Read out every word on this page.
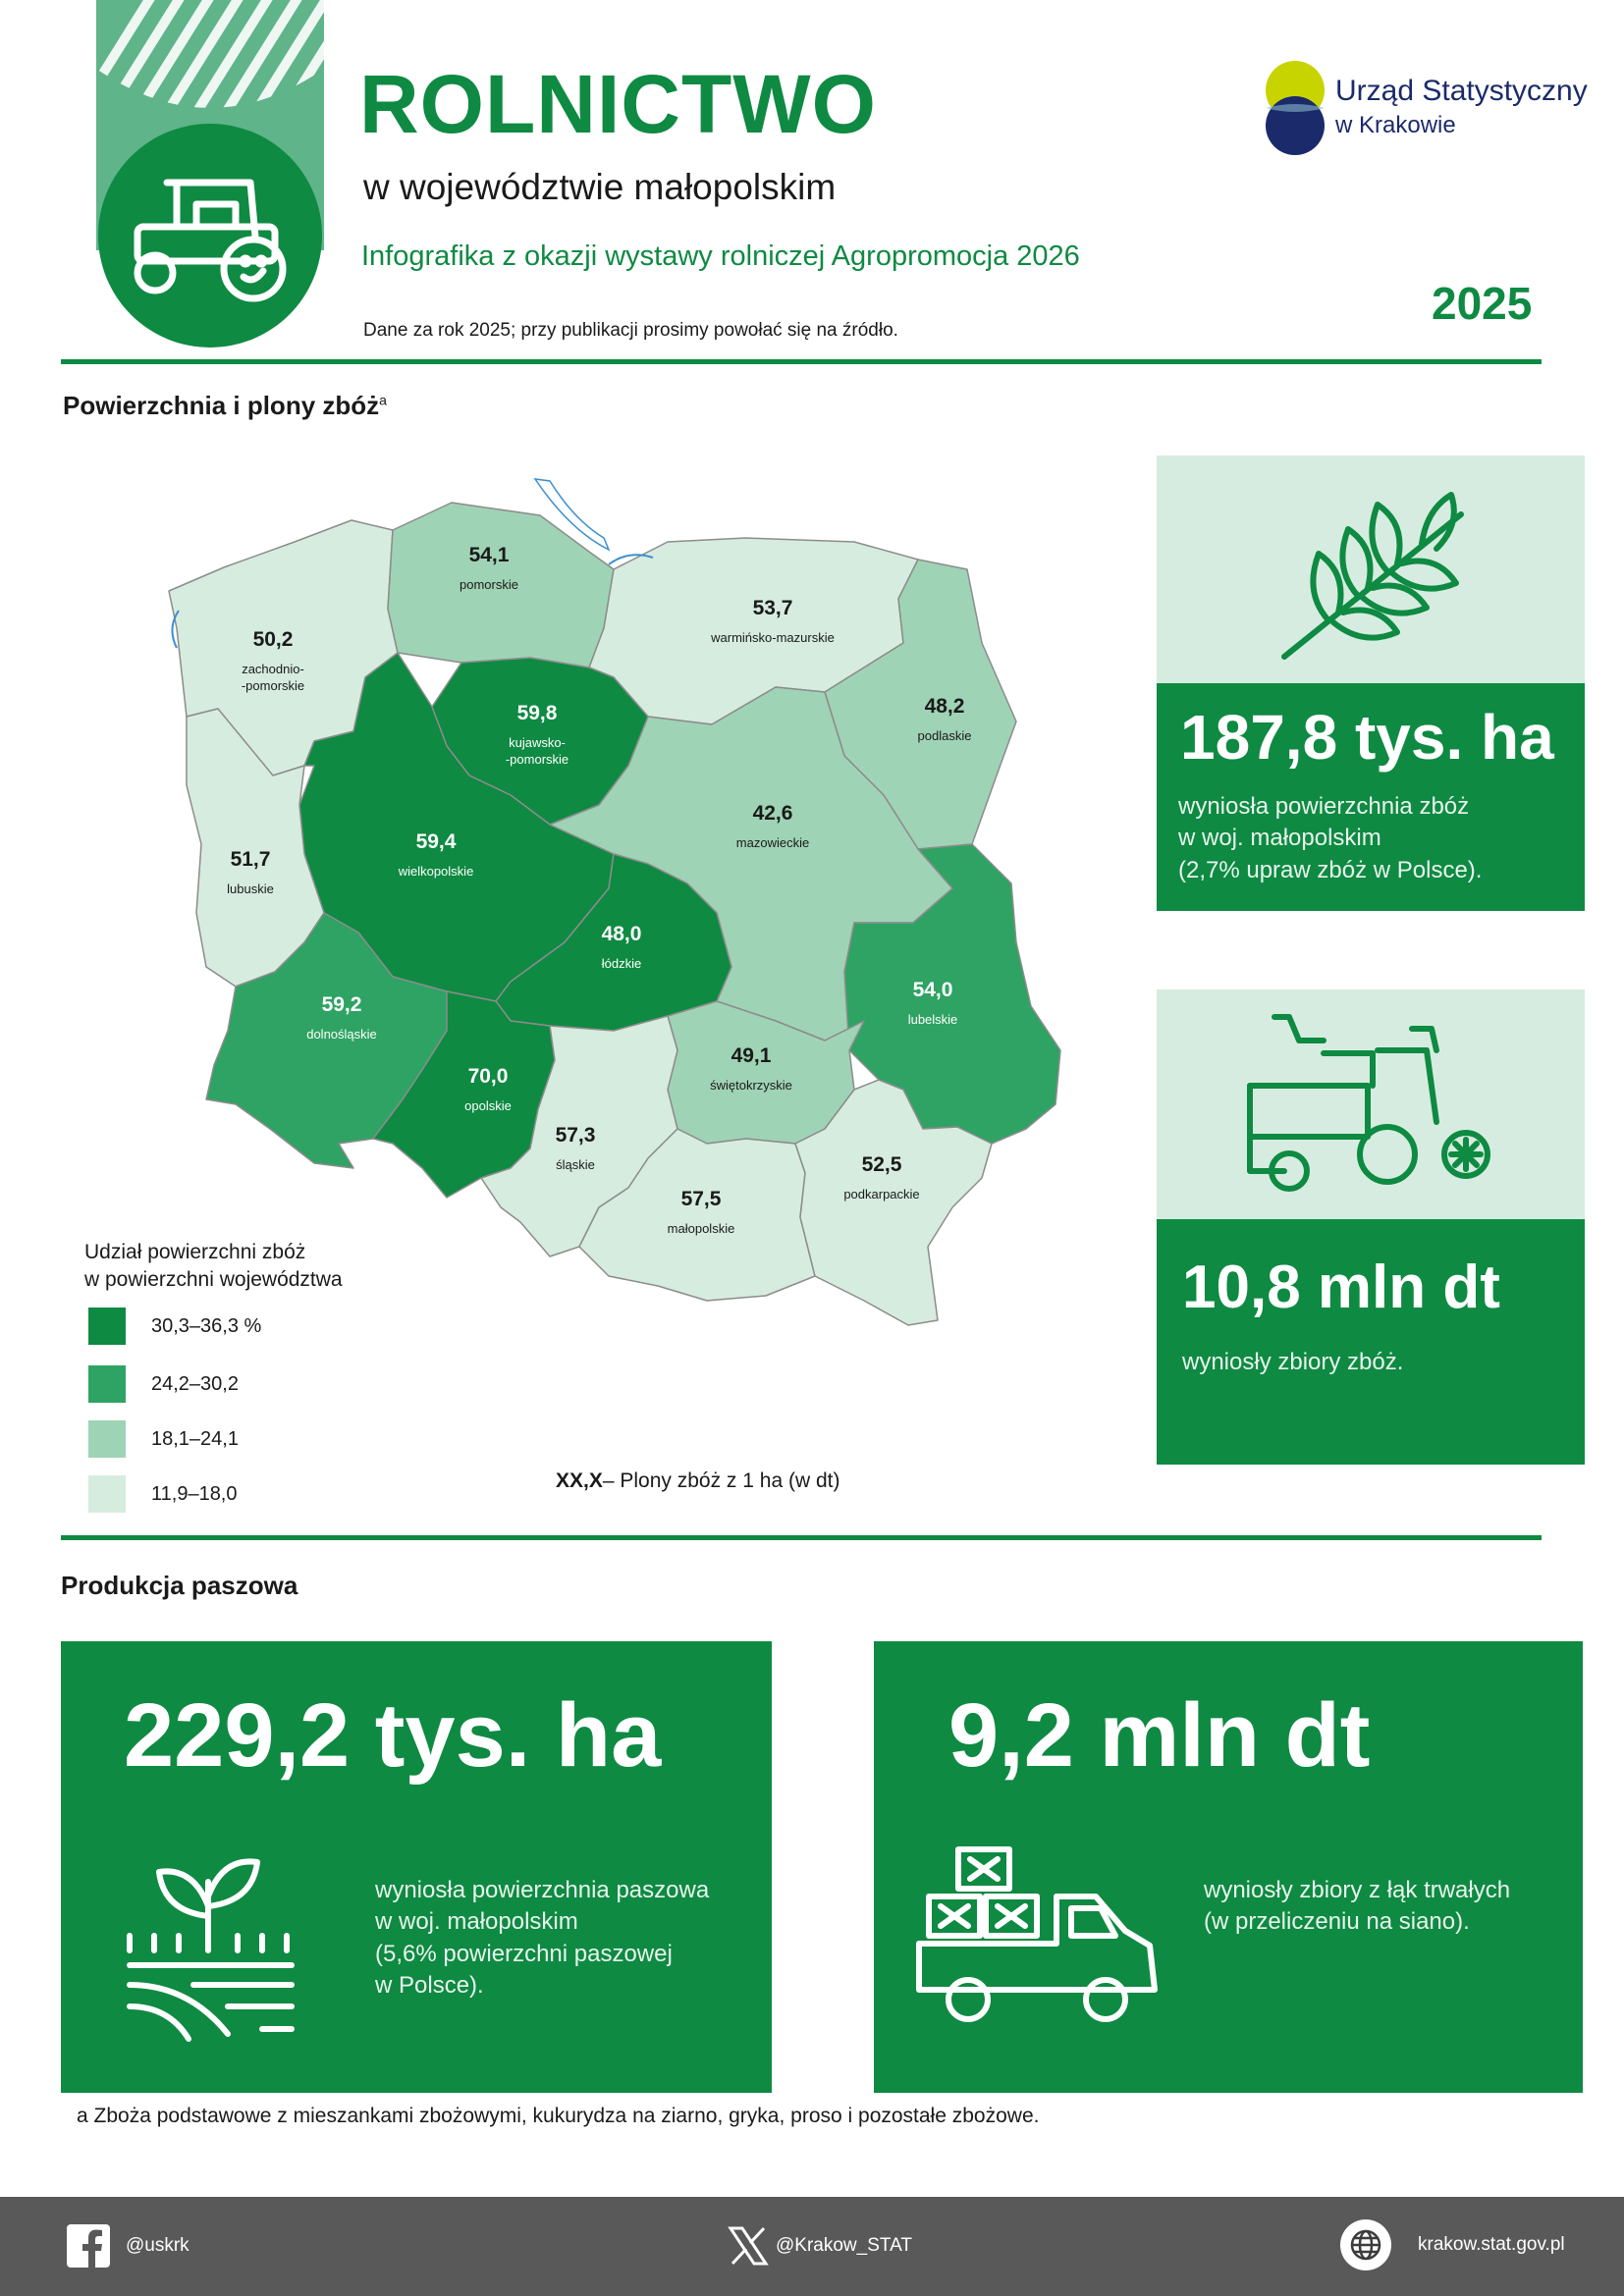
ROLNICTWO
w województwie małopolskim
Infografika z okazji wystawy rolniczej Agropromocja 2026
Dane za rok 2025; przy publikacji prosimy powołać się na źródło.
2025
Urząd Statystyczny
w Krakowie
Powierzchnia i plony zbóż$^a$
50,2
zachodnio-
-pomorskie
54,1
pomorskie
53,7
warmińsko-mazurskie
48,2
podlaskie
59,8
kujawsko-
-pomorskie
59,4
wielkopolskie
51,7
lubuskie
42,6
mazowieckie
48,0
łódzkie
54,0
lubelskie
59,2
dolnośląskie
70,0
opolskie
49,1
świętokrzyskie
57,3
śląskie
57,5
małopolskie
52,5
podkarpackie
Udział powierzchni zbóż
w powierzchni województwa
30,3–36,3 %
24,2–30,2
18,1–24,1
11,9–18,0
XX,X– Plony zbóż z 1 ha (w dt)
187,8 tys. ha
wyniosła powierzchnia zbóż
w woj. małopolskim
(2,7% upraw zbóż w Polsce).
10,8 mln dt
wyniosły zbiory zbóż.
Produkcja paszowa
229,2 tys. ha
wyniosła powierzchnia paszowa
w woj. małopolskim
(5,6% powierzchni paszowej
w Polsce).
9,2 mln dt
wyniosły zbiory z łąk trwałych
(w przeliczeniu na siano).
a Zboża podstawowe z mieszankami zbożowymi, kukurydza na ziarno, gryka, proso i pozostałe zbożowe.
@uskrk	@Krakow_STAT	krakow.stat.gov.pl
